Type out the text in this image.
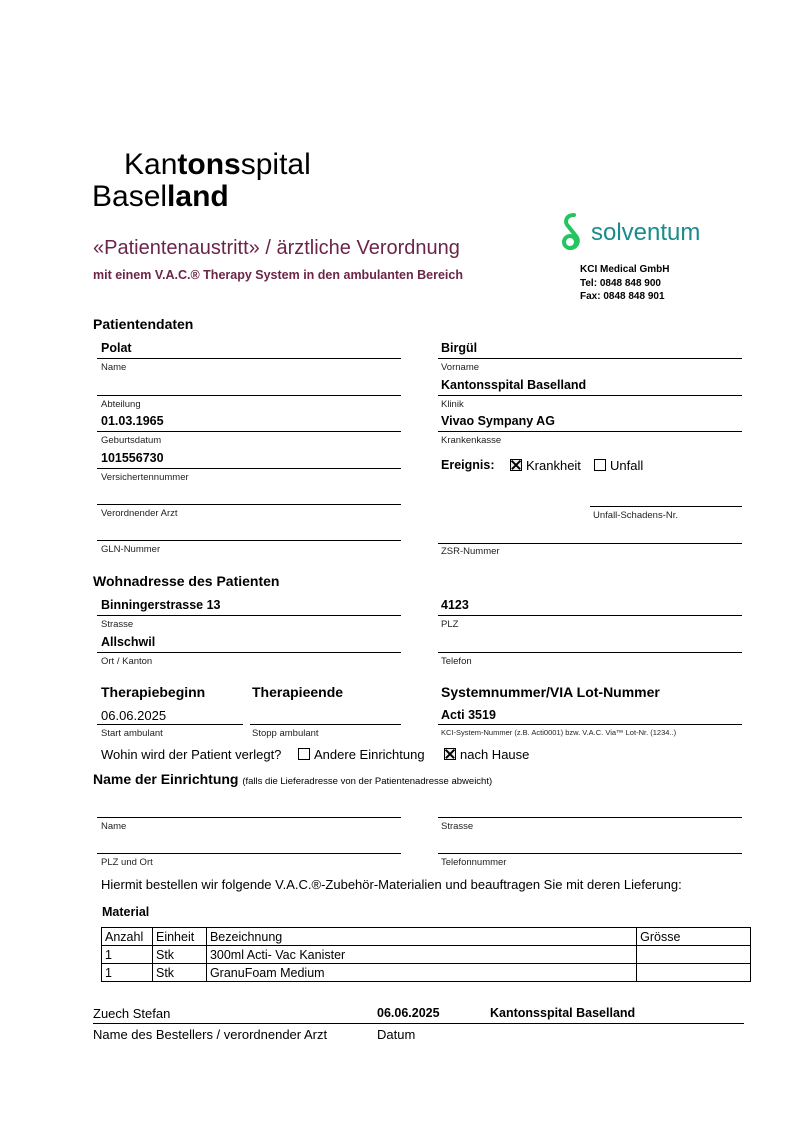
Kantonsspital
Baselland
«Patientenaustritt» / ärztliche Verordnung
mit einem V.A.C.® Therapy System in den ambulanten Bereich
solventum
KCI Medical GmbH
Tel: 0848 848 900
Fax: 0848 848 901
Patientendaten
Polat
Name
Birgül
Vorname
Abteilung
Kantonsspital Baselland
Klinik
01.03.1965
Geburtsdatum
Vivao Sympany AG
Krankenkasse
101556730
Versichertennummer
Ereignis:	Krankheit	Unfall
Verordnender Arzt	Unfall-Schadens-Nr.
GLN-Nummer	ZSR-Nummer
Wohnadresse des Patienten
Binningerstrasse 13
Strasse
4123
PLZ
Allschwil
Ort / Kanton	Telefon
Therapiebeginn	Therapieende	Systemnummer/VIA Lot-Nummer
06.06.2025
Start ambulant	Stopp ambulant
Acti 3519
KCI-System-Nummer (z.B. Acti0001) bzw. V.A.C. Via™ Lot-Nr. (1234..)
Wohin wird der Patient verlegt?	Andere Einrichtung	nach Hause
Name der Einrichtung (falls die Lieferadresse von der Patientenadresse abweicht)
Name	Strasse
PLZ und Ort	Telefonnummer
Hiermit bestellen wir folgende V.A.C.®-Zubehör-Materialien und beauftragen Sie mit deren Lieferung:
Material
Anzahl	Einheit	Bezeichnung	Grösse
1	Stk	300ml Acti- Vac Kanister	
1	Stk	GranuFoam Medium	
Zuech Stefan	06.06.2025	Kantonsspital Baselland
Name des Bestellers / verordnender Arzt	Datum
